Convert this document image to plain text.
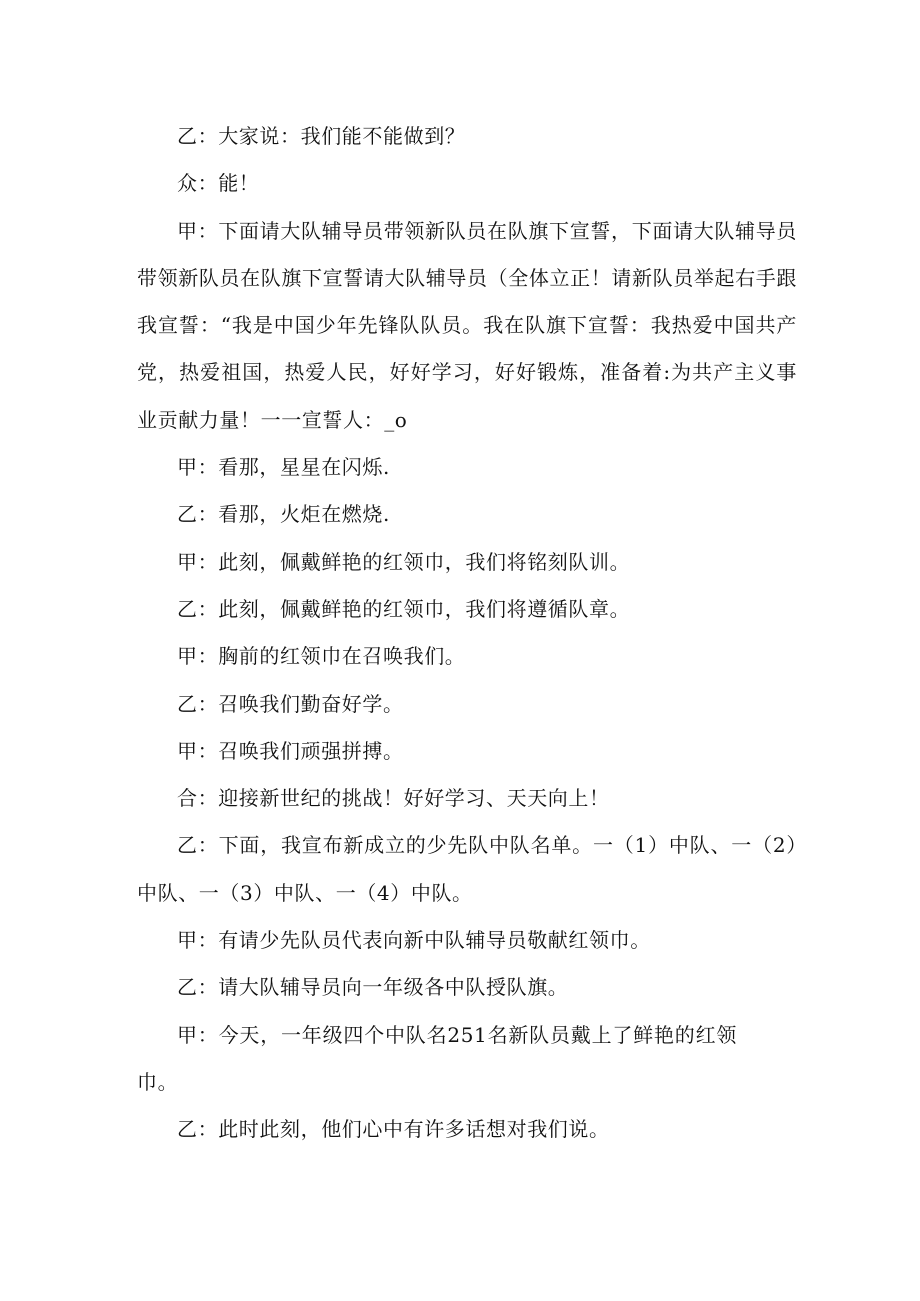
乙：大家说：我们能不能做到？

众：能！

甲：下面请大队辅导员带领新队员在队旗下宣誓，下面请大队辅导员带领新队员在队旗下宣誓请大队辅导员（全体立正！请新队员举起右手跟我宣誓：“我是中国少年先锋队队员。我在队旗下宣誓：我热爱中国共产党，热爱祖国，热爱人民，好好学习，好好锻炼，准备着:为共产主义事业贡献力量！一一宣誓人：_o

甲：看那，星星在闪烁.

乙：看那，火炬在燃烧.

甲：此刻，佩戴鲜艳的红领巾，我们将铭刻队训。

乙：此刻，佩戴鲜艳的红领巾，我们将遵循队章。

甲：胸前的红领巾在召唤我们。

乙：召唤我们勤奋好学。

甲：召唤我们顽强拼搏。

合：迎接新世纪的挑战！好好学习、天天向上！

乙：下面，我宣布新成立的少先队中队名单。一（1）中队、一（2）中队、一（3）中队、一（4）中队。

甲：有请少先队员代表向新中队辅导员敬献红领巾。

乙：请大队辅导员向一年级各中队授队旗。

甲：今天，一年级四个中队名251名新队员戴上了鲜艳的红领巾。

乙：此时此刻，他们心中有许多话想对我们说。
